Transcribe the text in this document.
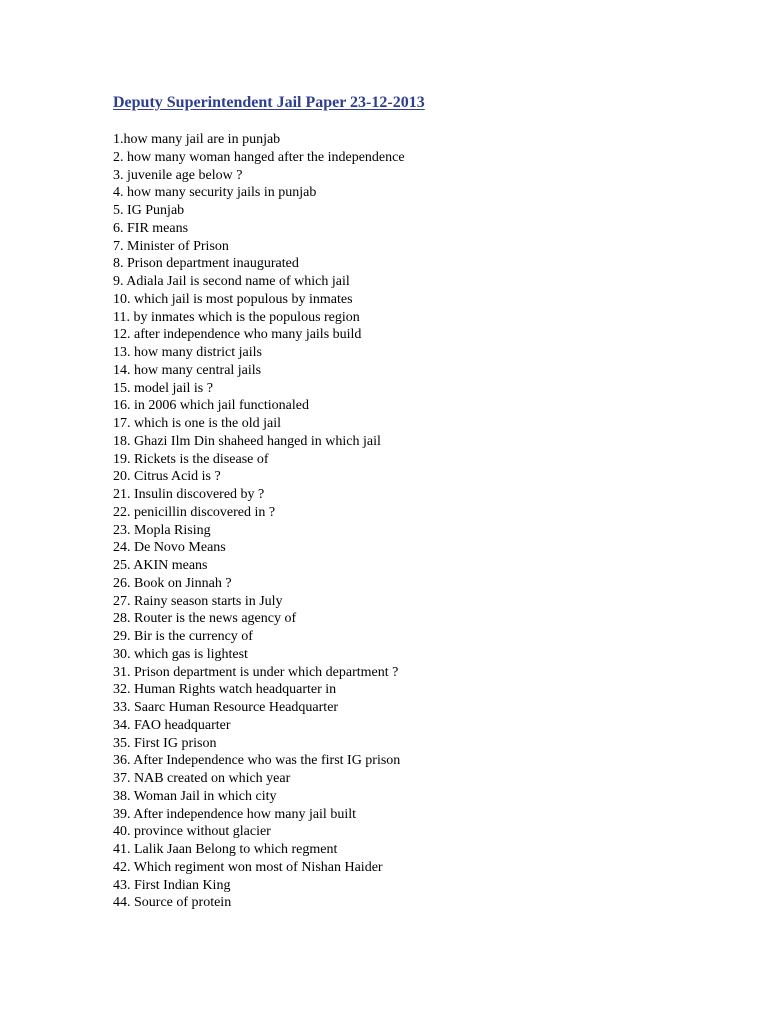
Deputy Superintendent Jail Paper 23-12-2013
1.how many jail are in punjab
2. how many woman hanged after the independence
3. juvenile age below ?
4. how many security jails in punjab
5. IG Punjab
6. FIR means
7. Minister of Prison
8. Prison department inaugurated
9. Adiala Jail is second name of which jail
10. which jail is most populous by inmates
11. by inmates which is the populous region
12. after independence who many jails build
13. how many district jails
14. how many central jails
15. model jail is ?
16. in 2006 which jail functionaled
17. which is one is the old jail
18. Ghazi Ilm Din shaheed hanged in which jail
19. Rickets is the disease of
20. Citrus Acid is ?
21. Insulin discovered by ?
22. penicillin discovered in ?
23. Mopla Rising
24. De Novo Means
25. AKIN means
26. Book on Jinnah ?
27. Rainy season starts in July
28. Router is the news agency of
29. Bir is the currency of
30. which gas is lightest
31. Prison department is under which department ?
32. Human Rights watch headquarter in
33. Saarc Human Resource Headquarter
34. FAO headquarter
35. First IG prison
36. After Independence who was the first IG prison
37. NAB created on which year
38. Woman Jail in which city
39. After independence how many jail built
40. province without glacier
41. Lalik Jaan Belong to which regment
42. Which regiment won most of Nishan Haider
43. First Indian King
44. Source of protein
